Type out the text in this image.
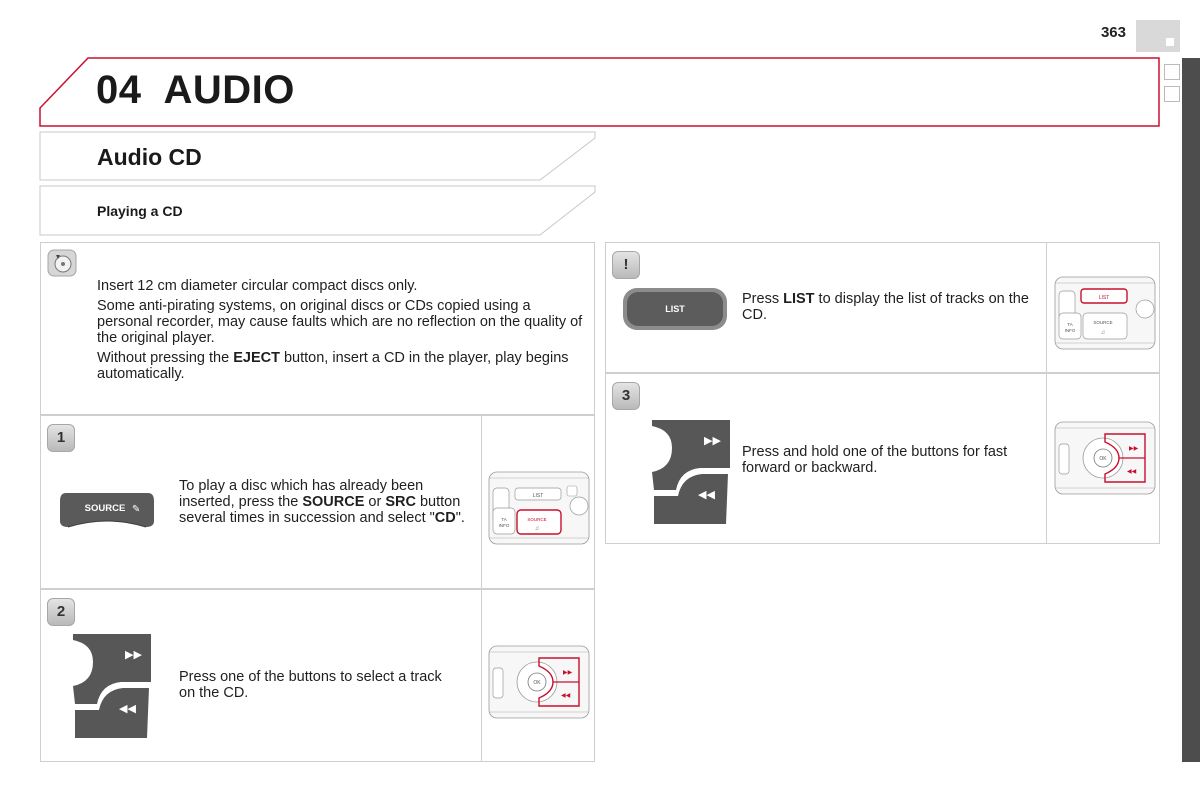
363
04 AUDIO
Audio CD
Playing a CD
Insert 12 cm diameter circular compact discs only.
Some anti-pirating systems, on original discs or CDs copied using a personal recorder, may cause faults which are no reflection on the quality of the original player.
Without pressing the EJECT button, insert a CD in the player, play begins automatically.
1
SOURCE ✎
To play a disc which has already been inserted, press the SOURCE or SRC button several times in succession and select "CD".
LIST
TA
INFO
SOURCE
♫
2
▶▶
◀◀
Press one of the buttons to select a track on the CD.
OK
▶▶
◀◀
!
LIST
Press LIST to display the list of tracks on the CD.
LIST
TA
INFO
SOURCE
♫
3
▶▶
◀◀
Press and hold one of the buttons for fast forward or backward.
OK
▶▶
◀◀
